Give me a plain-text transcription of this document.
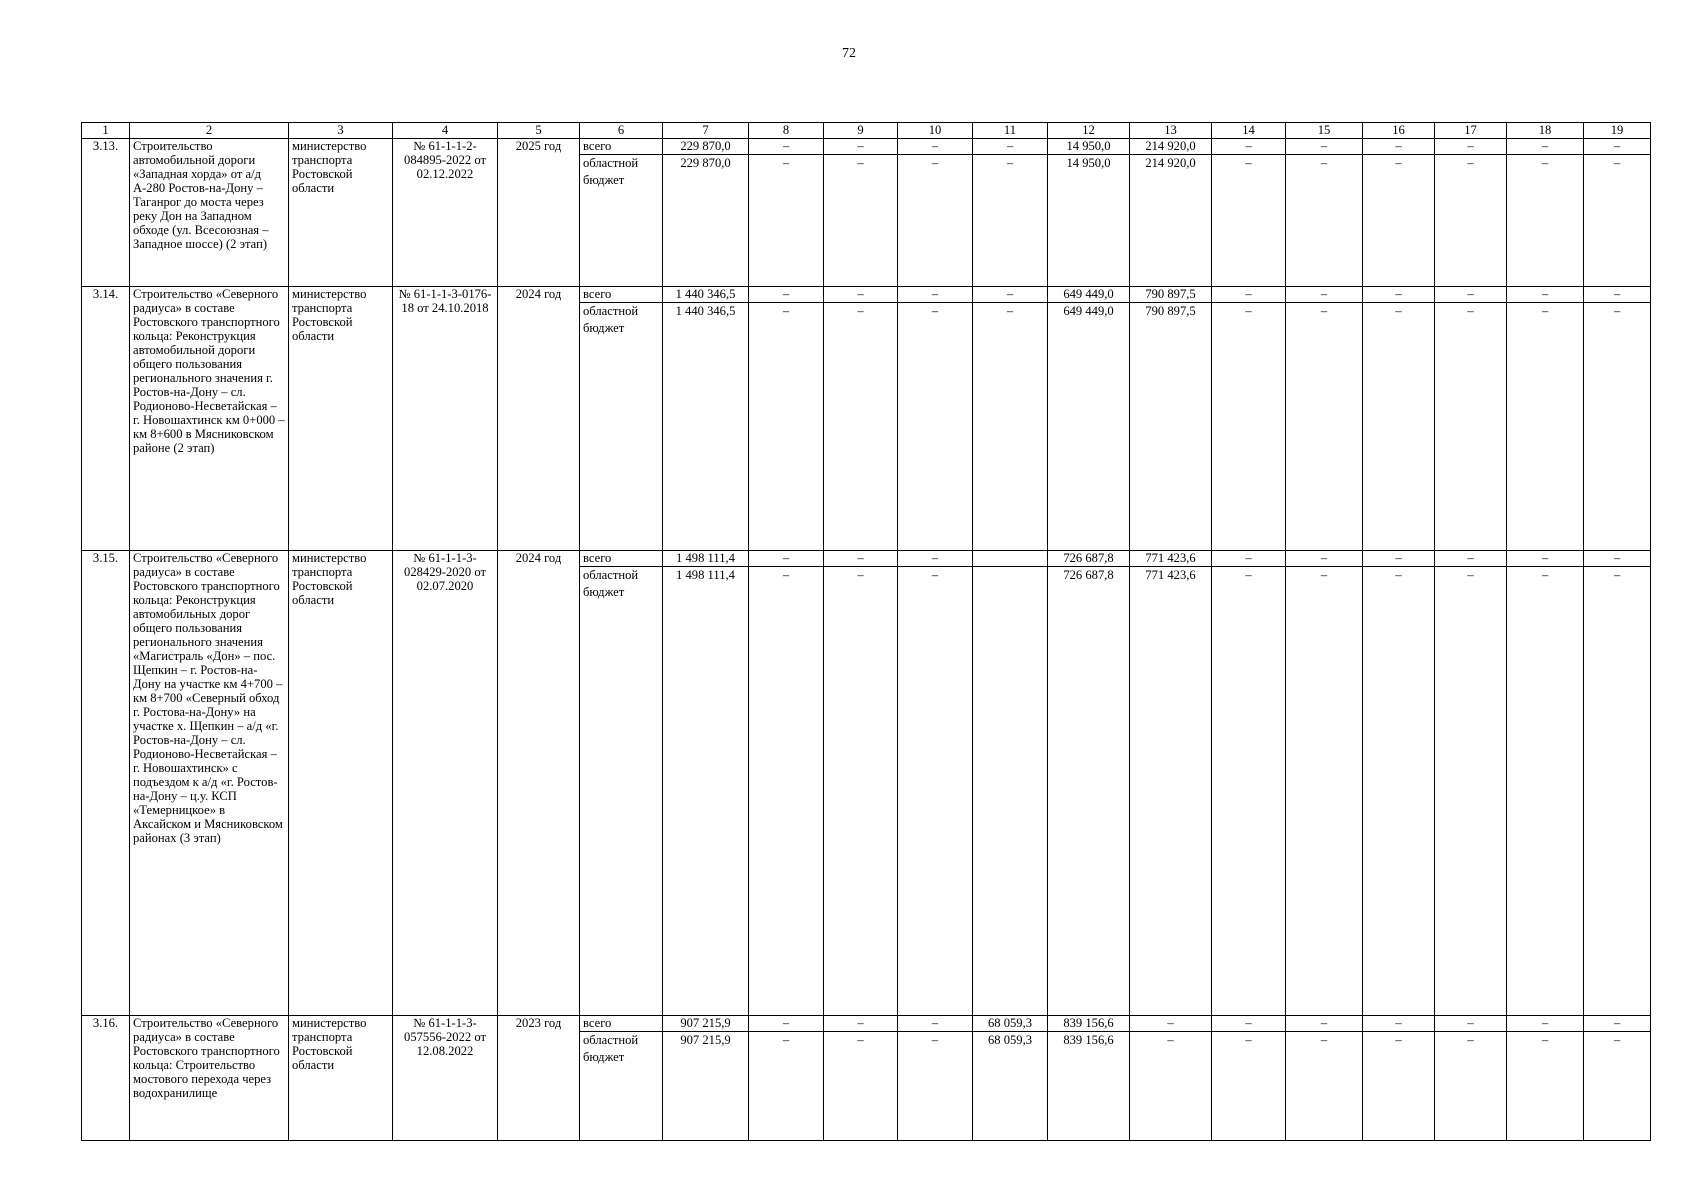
72
1	2	3	4	5	6	7	8	9	10	11	12	13	14	15	16	17	18	19
3.13.	Строительство автомобильной дороги «Западная хорда» от а/д А-280 Ростов-на-Дону – Таганрог до моста через реку Дон на Западном обходе (ул. Всесоюзная – Западное шоссе) (2 этап)	министерство транспорта Ростовской области	№ 61-1-1-2-084895-2022 от 02.12.2022	2025 год	всего	229 870,0	–	–	–	–	14 950,0	214 920,0	–	–	–	–	–	–
					областной бюджет	229 870,0	–	–	–	–	14 950,0	214 920,0	–	–	–	–	–	–
3.14.	Строительство «Северного радиуса» в составе Ростовского транспортного кольца: Реконструкция автомобильной дороги общего пользования регионального значения г. Ростов-на-Дону – сл. Родионово-Несветайская – г. Новошахтинск км 0+000 – км 8+600 в Мясниковском районе (2 этап)	министерство транспорта Ростовской области	№ 61-1-1-3-0176-18 от 24.10.2018	2024 год	всего	1 440 346,5	–	–	–	–	649 449,0	790 897,5	–	–	–	–	–	–
					областной бюджет	1 440 346,5	–	–	–	–	649 449,0	790 897,5	–	–	–	–	–	–
3.15.	Строительство «Северного радиуса» в составе Ростовского транспортного кольца: Реконструкция автомобильных дорог общего пользования регионального значения «Магистраль «Дон» – пос. Щепкин – г. Ростов-на-Дону на участке км 4+700 – км 8+700 «Северный обход г. Ростова-на-Дону» на участке х. Щепкин – а/д «г. Ростов-на-Дону – сл. Родионово-Несветайская – г. Новошахтинск» с подъездом к а/д «г. Ростов-на-Дону – ц.у. КСП «Темерницкое» в Аксайском и Мясниковском районах (3 этап)	министерство транспорта Ростовской области	№ 61-1-1-3-028429-2020 от 02.07.2020	2024 год	всего	1 498 111,4	–	–	–		726 687,8	771 423,6	–	–	–	–	–	–
					областной бюджет	1 498 111,4	–	–	–		726 687,8	771 423,6	–	–	–	–	–	–
3.16.	Строительство «Северного радиуса» в составе Ростовского транспортного кольца: Строительство мостового перехода через водохранилище	министерство транспорта Ростовской области	№ 61-1-1-3-057556-2022 от 12.08.2022	2023 год	всего	907 215,9	–	–	–	68 059,3	839 156,6	–	–	–	–	–	–	–
					областной бюджет	907 215,9	–	–	–	68 059,3	839 156,6	–	–	–	–	–	–	–
